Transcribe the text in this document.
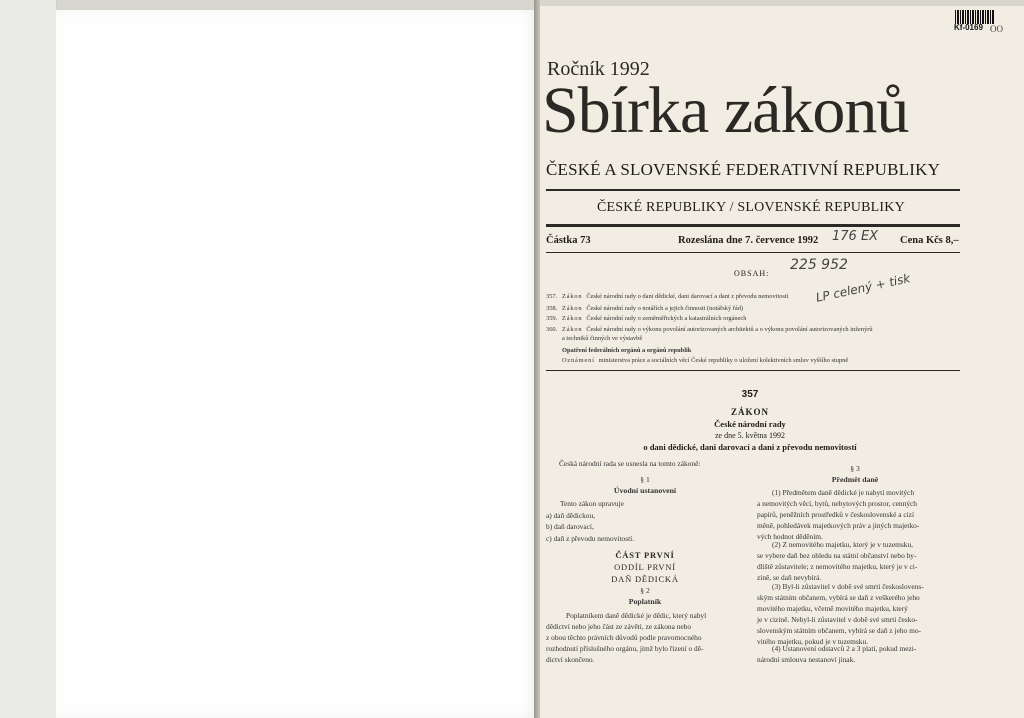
Kf-0169 OO
Ročník 1992
Sbírka zákonů
ČESKÉ A SLOVENSKÉ FEDERATIVNÍ REPUBLIKY
ČESKÉ REPUBLIKY / SLOVENSKÉ REPUBLIKY
Částka 73	Rozeslána dne 7. července 1992 176 EX Cena Kčs 8,–
OBSAH:
225 952
LP celený + tisk
357. Zákon České národní rady o dani dědické, dani darovací a dani z převodu nemovitostí
358. Zákon České národní rady o notářích a jejich činnosti (notářský řád)
359. Zákon České národní rady o zeměměřických a katastrálních orgánech
360. Zákon České národní rady o výkonu povolání autorizovaných architektů a o výkonu povolání autorizovaných inženýrů
a techniků činných ve výstavbě
Opatření federálních orgánů a orgánů republik
Oznámení ministerstva práce a sociálních věcí České republiky o uložení kolektivních smluv vyššího stupně
357
ZÁKON
České národní rady
ze dne 5. května 1992
o dani dědické, dani darovací a dani z převodu nemovitostí
Česká národní rada se usnesla na tomto zákoně:
§ 1
Úvodní ustanovení
Tento zákon upravuje
a) daň dědickou,
b) daň darovací,
c) daň z převodu nemovitostí.
ČÁST PRVNÍ
ODDÍL PRVNÍ
DAŇ DĚDICKÁ
§ 2
Poplatník
Poplatníkem daně dědické je dědic, který nabyl
dědictví nebo jeho část ze závěti, ze zákona nebo
z obou těchto právních důvodů podle pravomocného
rozhodnutí příslušného orgánu, jímž bylo řízení o dě-
dictví skončeno.
§ 3
Předmět daně
(1) Předmětem daně dědické je nabytí movitých
a nemovitých věcí, bytů, nebytových prostor, cenných
papírů, peněžních prostředků v československé a cizí
měně, pohledávek majetkových práv a jiných majetko-
vých hodnot děděním.
(2) Z nemovitého majetku, který je v tuzemsku,
se vybere daň bez ohledu na státní občanství nebo by-
dliště zůstavitele; z nemovitého majetku, který je v ci-
zině, se daň nevybírá.
(3) Byl-li zůstavitel v době své smrti českoslovens-
ským státním občanem, vybírá se daň z veškerého jeho
movitého majetku, včetně movitého majetku, který
je v cizině. Nebyl-li zůstavitel v době své smrti česko-
slovenským státním občanem, vybírá se daň z jeho mo-
vitého majetku, pokud je v tuzemsku.
(4) Ustanovení odstavců 2 a 3 platí, pokud mezi-
národní smlouva nestanoví jinak.
